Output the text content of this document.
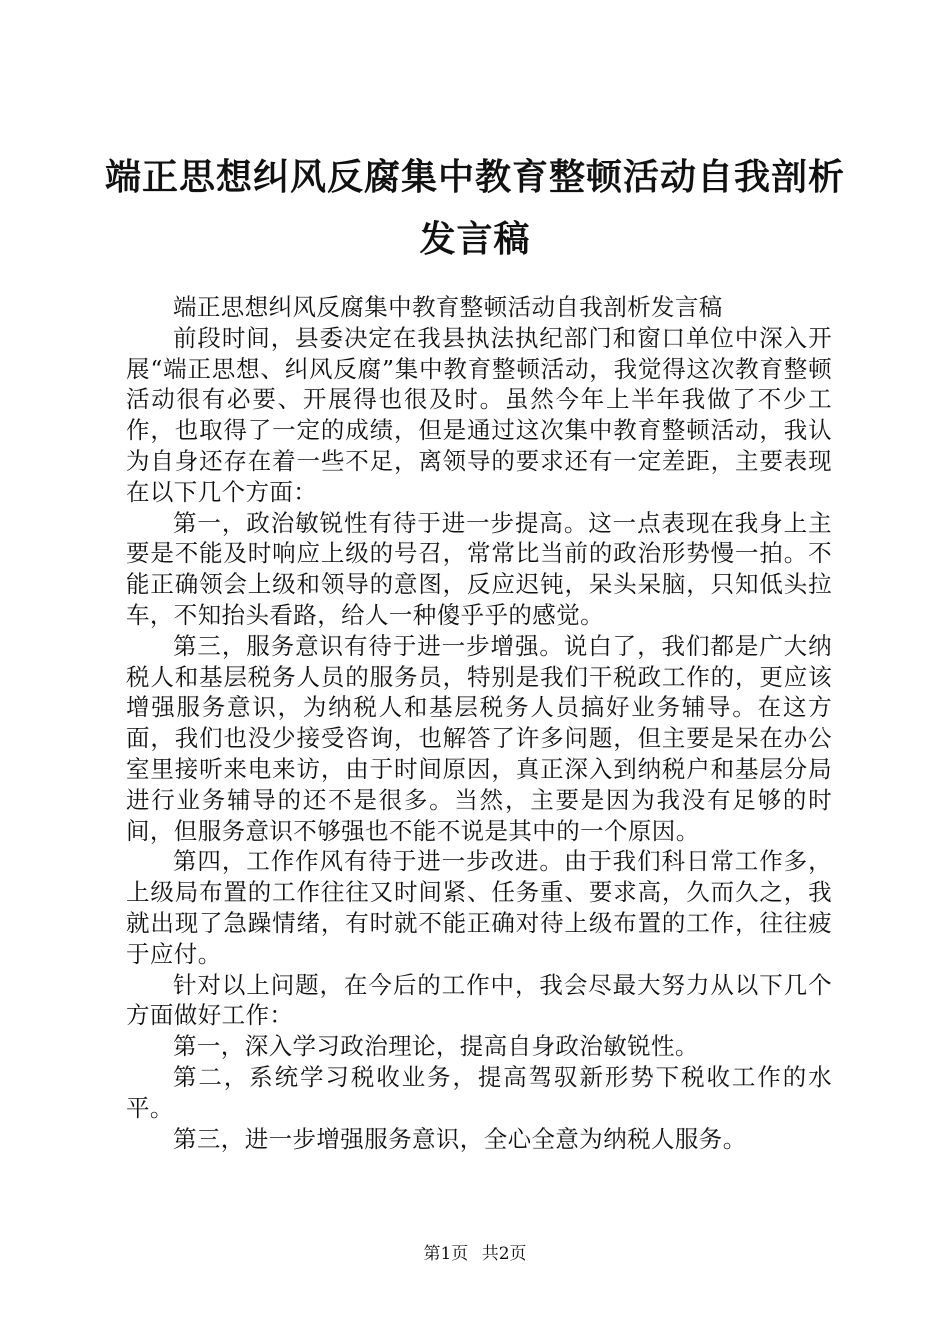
端正思想纠风反腐集中教育整顿活动自我剖析
发言稿

端正思想纠风反腐集中教育整顿活动自我剖析发言稿

前段时间，县委决定在我县执法执纪部门和窗口单位中深入开展“端正思想、纠风反腐”集中教育整顿活动，我觉得这次教育整顿活动很有必要、开展得也很及时。虽然今年上半年我做了不少工作，也取得了一定的成绩，但是通过这次集中教育整顿活动，我认为自身还存在着一些不足，离领导的要求还有一定差距，主要表现在以下几个方面：

第一，政治敏锐性有待于进一步提高。这一点表现在我身上主要是不能及时响应上级的号召，常常比当前的政治形势慢一拍。不能正确领会上级和领导的意图，反应迟钝，呆头呆脑，只知低头拉车，不知抬头看路，给人一种傻乎乎的感觉。

第三，服务意识有待于进一步增强。说白了，我们都是广大纳税人和基层税务人员的服务员，特别是我们干税政工作的，更应该增强服务意识，为纳税人和基层税务人员搞好业务辅导。在这方面，我们也没少接受咨询，也解答了许多问题，但主要是呆在办公室里接听来电来访，由于时间原因，真正深入到纳税户和基层分局进行业务辅导的还不是很多。当然，主要是因为我没有足够的时间，但服务意识不够强也不能不说是其中的一个原因。

第四，工作作风有待于进一步改进。由于我们科日常工作多，上级局布置的工作往往又时间紧、任务重、要求高，久而久之，我就出现了急躁情绪，有时就不能正确对待上级布置的工作，往往疲于应付。

针对以上问题，在今后的工作中，我会尽最大努力从以下几个方面做好工作：

第一，深入学习政治理论，提高自身政治敏锐性。

第二，系统学习税收业务，提高驾驭新形势下税收工作的水平。

第三，进一步增强服务意识，全心全意为纳税人服务。

第1页 共2页
